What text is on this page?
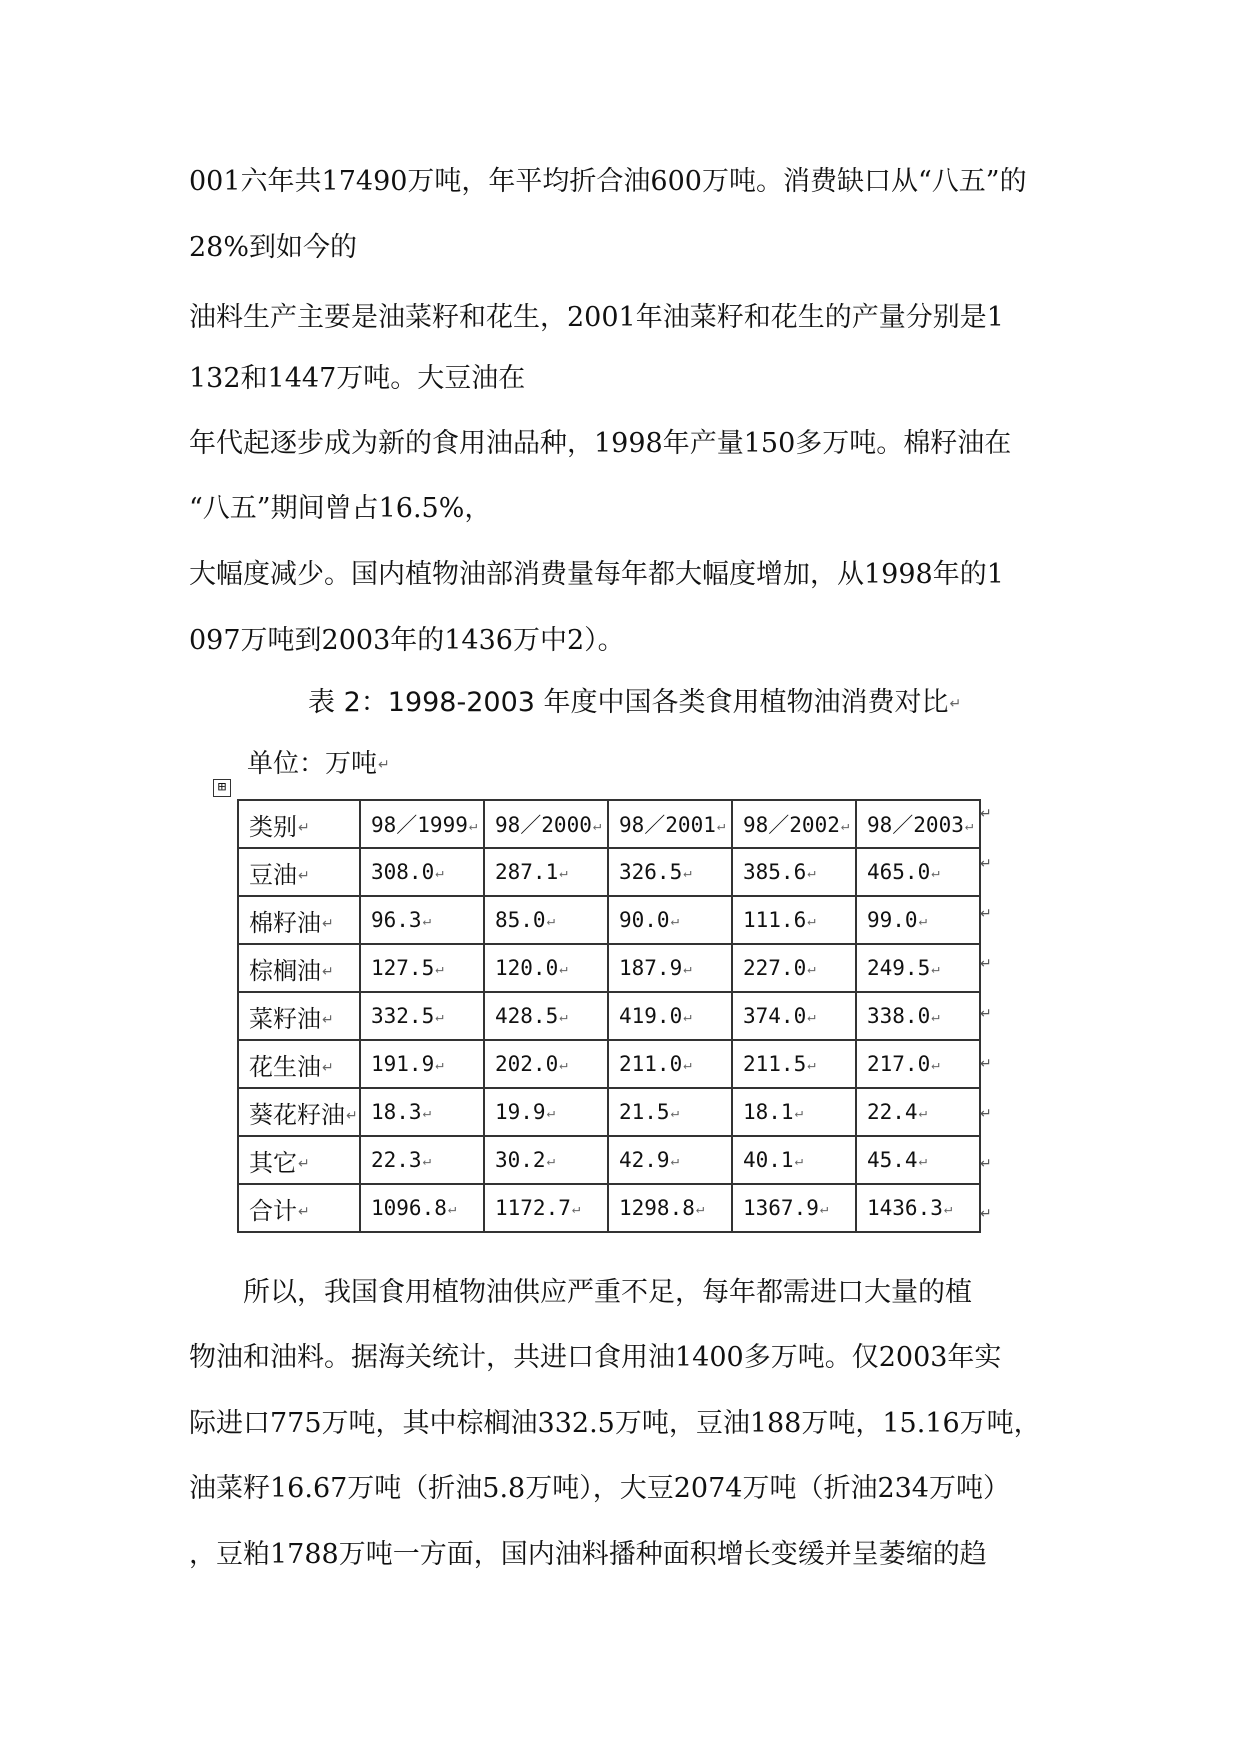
001六年共17490万吨，年平均折合油600万吨。消费缺口从“八五”的
28%到如今的
油料生产主要是油菜籽和花生，2001年油菜籽和花生的产量分别是1
132和1447万吨。大豆油在
年代起逐步成为新的食用油品种，1998年产量150多万吨。棉籽油在
“八五”期间曾占16.5%，
大幅度减少。国内植物油部消费量每年都大幅度增加，从1998年的1
097万吨到2003年的1436万中2）。
表 2：1998-2003 年度中国各类食用植物油消费对比↵
单位：万吨↵
⊞
类别↵	98／1999↵	98／2000↵	98／2001↵	98／2002↵	98／2003↵
豆油↵	308.0↵	287.1↵	326.5↵	385.6↵	465.0↵
棉籽油↵	96.3↵	85.0↵	90.0↵	111.6↵	99.0↵
棕榈油↵	127.5↵	120.0↵	187.9↵	227.0↵	249.5↵
菜籽油↵	332.5↵	428.5↵	419.0↵	374.0↵	338.0↵
花生油↵	191.9↵	202.0↵	211.0↵	211.5↵	217.0↵
葵花籽油↵	18.3↵	19.9↵	21.5↵	18.1↵	22.4↵
其它↵	22.3↵	30.2↵	42.9↵	40.1↵	45.4↵
合计↵	1096.8↵	1172.7↵	1298.8↵	1367.9↵	1436.3↵
↵
↵
↵
↵
↵
↵
↵
↵
↵
所以，我国食用植物油供应严重不足，每年都需进口大量的植
物油和油料。据海关统计，共进口食用油1400多万吨。仅2003年实
际进口775万吨，其中棕榈油332.5万吨，豆油188万吨，15.16万吨，
油菜籽16.67万吨（折油5.8万吨），大豆2074万吨（折油234万吨）
，豆粕1788万吨一方面，国内油料播种面积增长变缓并呈萎缩的趋
